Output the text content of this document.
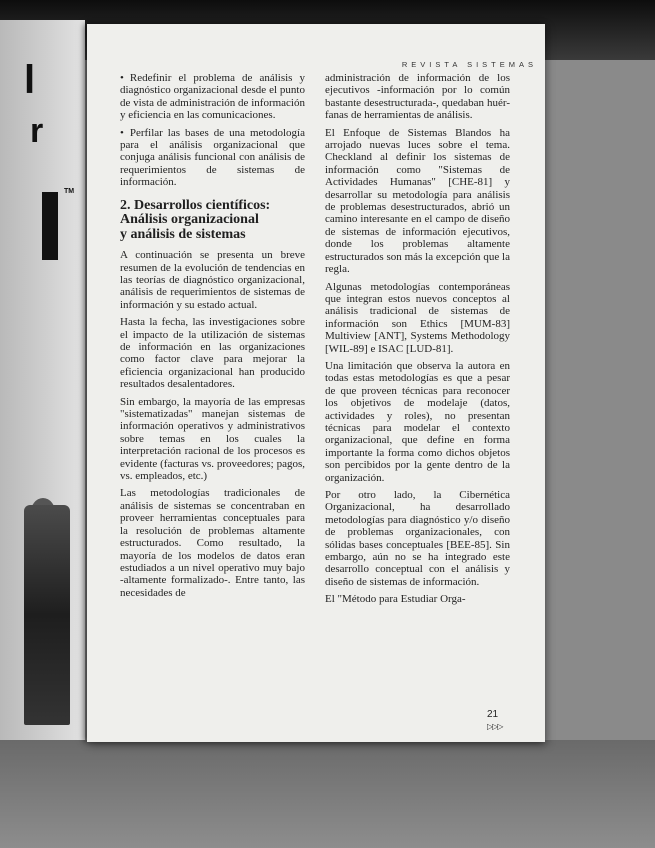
l
r
TM
REVISTA SISTEMAS

• Redefinir el problema de análisis y diagnóstico organizacional desde el punto de vista de administración de información y eficiencia en las comunicaciones.

• Perfilar las bases de una metodología para el análisis organizacional que conjuga análisis funcional con análisis de requerimientos de sistemas de información.

2. Desarrollos científicos:
Análisis organizacional
y análisis de sistemas

A continuación se presenta un breve resumen de la evolución de tendencias en las teorías de diagnóstico organizacional, análisis de requerimientos de sistemas de información y su estado actual.

Hasta la fecha, las investigaciones sobre el impacto de la utilización de sistemas de información en las organizaciones como factor clave para mejorar la eficiencia organizacional han producido resultados desalentadores.

Sin embargo, la mayoría de las empresas "sistematizadas" manejan sistemas de información operativos y administrativos sobre temas en los cuales la interpretación racional de los procesos es evidente (facturas vs. proveedores; pagos, vs. empleados, etc.)

Las metodologías tradicionales de análisis de sistemas se concentraban en proveer herramientas conceptuales para la resolución de problemas altamente estructurados. Como resultado, la mayoría de los modelos de datos eran estudiados a un nivel operativo muy bajo -altamente formalizado-. Entre tanto, las necesidades de

administración de información de los ejecutivos -información por lo común bastante desestructurada-, quedaban huér-fanas de herramientas de análisis.

El Enfoque de Sistemas Blandos ha arrojado nuevas luces sobre el tema. Checkland al definir los sistemas de información como "Sistemas de Actividades Humanas" [CHE-81] y desarrollar su metodología para análisis de problemas desestructurados, abrió un camino interesante en el campo de diseño de sistemas de información ejecutivos, donde los problemas altamente estructurados son más la excepción que la regla.

Algunas metodologías contemporáneas que integran estos nuevos conceptos al análisis tradicional de sistemas de información son Ethics [MUM-83] Multiview [ANT], Systems Methodology [WIL-89] e ISAC [LUD-81].

Una limitación que observa la autora en todas estas metodologías es que a pesar de que proveen técnicas para reconocer los objetivos de modelaje (datos, actividades y roles), no presentan técnicas para modelar el contexto organizacional, que define en forma importante la forma como dichos objetos son percibidos por la gente dentro de la organización.

Por otro lado, la Cibernética Organizacional, ha desarrollado metodologías para diagnóstico y/o diseño de problemas organizacionales, con sólidas bases conceptuales [BEE-85]. Sin embargo, aún no se ha integrado este desarrollo conceptual con el análisis y diseño de sistemas de información.

El "Método para Estudiar Orga-

21
▷▷▷
